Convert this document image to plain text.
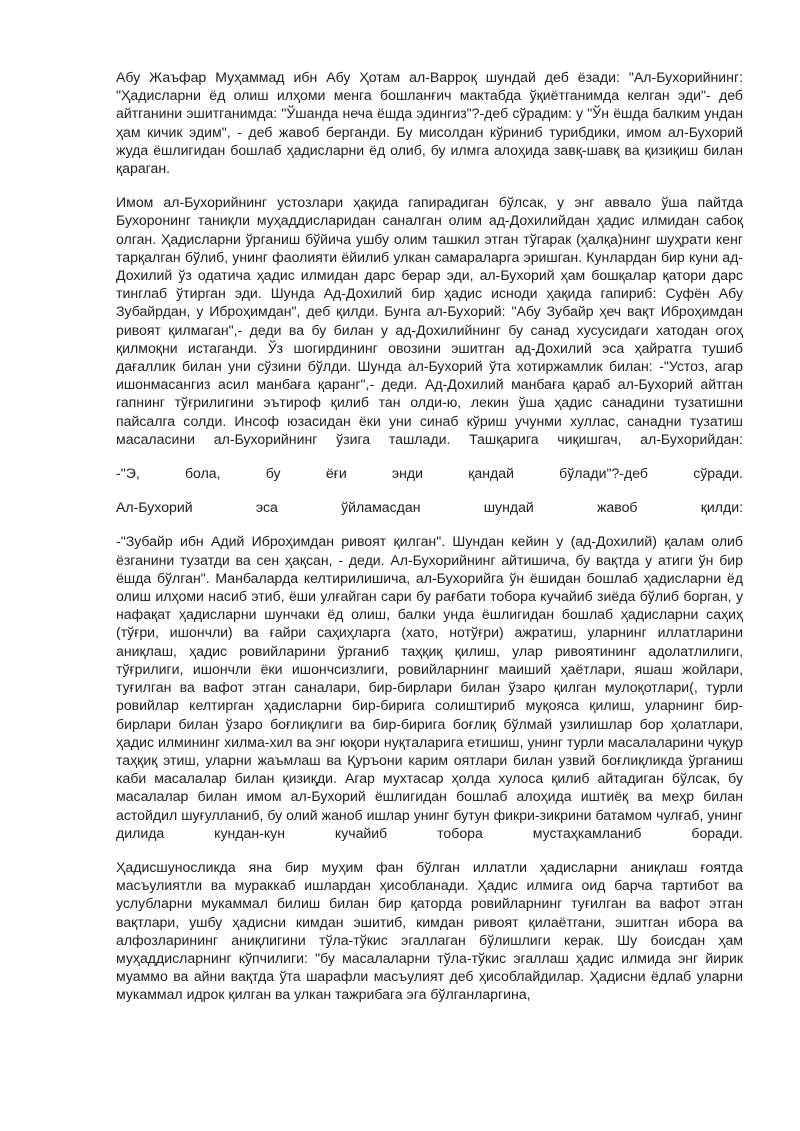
Абу Жаъфар Муҳаммад ибн Абу Ҳотам ал-Варроқ шундай деб ёзади: "Ал-Бухорийнинг: "Ҳадисларни ёд олиш илҳоми менга бошланғич мактабда ўқиётганимда келган эди"- деб айтганини эшитганимда: "Ўшанда неча ёшда эдингиз"?-деб сўрадим: у "Ўн ёшда балким ундан ҳам кичик эдим", - деб жавоб берганди. Бу мисолдан кўриниб турибдики, имом ал-Бухорий жуда ёшлигидан бошлаб ҳадисларни ёд олиб, бу илмга алоҳида завқ-шавқ ва қизиқиш билан қараган.

Имом ал-Бухорийнинг устозлари ҳақида гапирадиган бўлсак, у энг аввало ўша пайтда Бухоронинг таниқли муҳаддисларидан саналган олим ад-Дохилийдан ҳадис илмидан сабоқ олган. Ҳадисларни ўрганиш бўйича ушбу олим ташкил этган тўгарак (ҳалқа)нинг шуҳрати кенг тарқалган бўлиб, унинг фаолияти ёйилиб улкан самараларга эришган. Кунлардан бир куни ад-Дохилий ўз одатича ҳадис илмидан дарс берар эди, ал-Бухорий ҳам бошқалар қатори дарс тинглаб ўтирган эди. Шунда Ад-Дохилий бир ҳадис исноди ҳақида гапириб: Суфён Абу Зубайрдан, у Иброҳимдан", деб қилди. Бунга ал-Бухорий: "Абу Зубайр ҳеч вақт Иброҳимдан ривоят қилмаган",- деди ва бу билан у ад-Дохилийнинг бу санад хусусидаги хатодан огоҳ қилмоқни истаганди. Ўз шогирдининг овозини эшитган ад-Дохилий эса ҳайратга тушиб дағаллик билан уни сўзини бўлди. Шунда ал-Бухорий ўта хотиржамлик билан: -"Устоз, агар ишонмасангиз асил манбаға қаранг",- деди. Ад-Дохилий манбаға қараб ал-Бухорий айтган гапнинг тўғрилигини эътироф қилиб тан олди-ю, лекин ўша ҳадис санадини тузатишни пайсалга солди. Инсоф юзасидан ёки уни синаб кўриш учунми хуллас, санадни тузатиш масаласини ал-Бухорийнинг ўзига ташлади. Ташқарига чиқишгач, ал-Бухорийдан:

-"Э, бола, бу ёғи энди қандай бўлади"?-деб сўради.

Ал-Бухорий эса ўйламасдан шундай жавоб қилди:

-"Зубайр ибн Адий Иброҳимдан ривоят қилган". Шундан кейин у (ад-Дохилий) қалам олиб ёзганини тузатди ва сен ҳақсан, - деди. Ал-Бухорийнинг айтишича, бу вақтда у атиги ўн бир ёшда бўлган". Манбаларда келтирилишича, ал-Бухорийга ўн ёшидан бошлаб ҳадисларни ёд олиш илҳоми насиб этиб, ёши улғайган сари бу рағбати тобора кучайиб зиёда бўлиб борган, у нафақат ҳадисларни шунчаки ёд олиш, балки унда ёшлигидан бошлаб ҳадисларни саҳиҳ (тўғри, ишончли) ва ғайри саҳиҳларга (хато, нотўғри) ажратиш, уларнинг иллатларини аниқлаш, ҳадис ровийларини ўрганиб таҳқиқ қилиш, улар ривоятининг адолатлилиги, тўғрилиги, ишончли ёки ишончсизлиги, ровийларнинг маиший ҳаётлари, яшаш жойлари, туғилган ва вафот этган саналари, бир-бирлари билан ўзаро қилган мулоқотлари(, турли ровийлар келтирган ҳадисларни бир-бирига солиштириб муқояса қилиш, уларнинг бир-бирлари билан ўзаро боғлиқлиги ва бир-бирига боғлиқ бўлмай узилишлар бор ҳолатлари, ҳадис илмининг хилма-хил ва энг юқори нуқталарига етишиш, унинг турли масалаларини чуқур таҳқиқ этиш, уларни жаъмлаш ва Қуръони карим оятлари билан узвий боғлиқликда ўрганиш каби масалалар билан қизиқди. Агар мухтасар ҳолда хулоса қилиб айтадиган бўлсак, бу масалалар билан имом ал-Бухорий ёшлигидан бошлаб алоҳида иштиёқ ва меҳр билан астойдил шуғулланиб, бу олий жаноб ишлар унинг бутун фикри-зикрини батамом чулғаб, унинг дилида кундан-кун кучайиб тобора мустаҳкамланиб боради.

Ҳадисшуносликда яна бир муҳим фан бўлган иллатли ҳадисларни аниқлаш ғоятда масъулиятли ва мураккаб ишлардан ҳисобланади. Ҳадис илмига оид барча тартибот ва услубларни мукаммал билиш билан бир қаторда ровийларнинг туғилган ва вафот этган вақтлари, ушбу ҳадисни кимдан эшитиб, кимдан ривоят қилаётгани, эшитган ибора ва алфозларининг аниқлигини тўла-тўкис эгаллаган бўлишлиги керак. Шу боисдан ҳам муҳаддисларнинг кўпчилиги: "бу масалаларни тўла-тўкис эгаллаш ҳадис илмида энг йирик муаммо ва айни вақтда ўта шарафли масъулият деб ҳисоблайдилар. Ҳадисни ёдлаб уларни мукаммал идрок қилган ва улкан тажрибага эга бўлганларгина,
